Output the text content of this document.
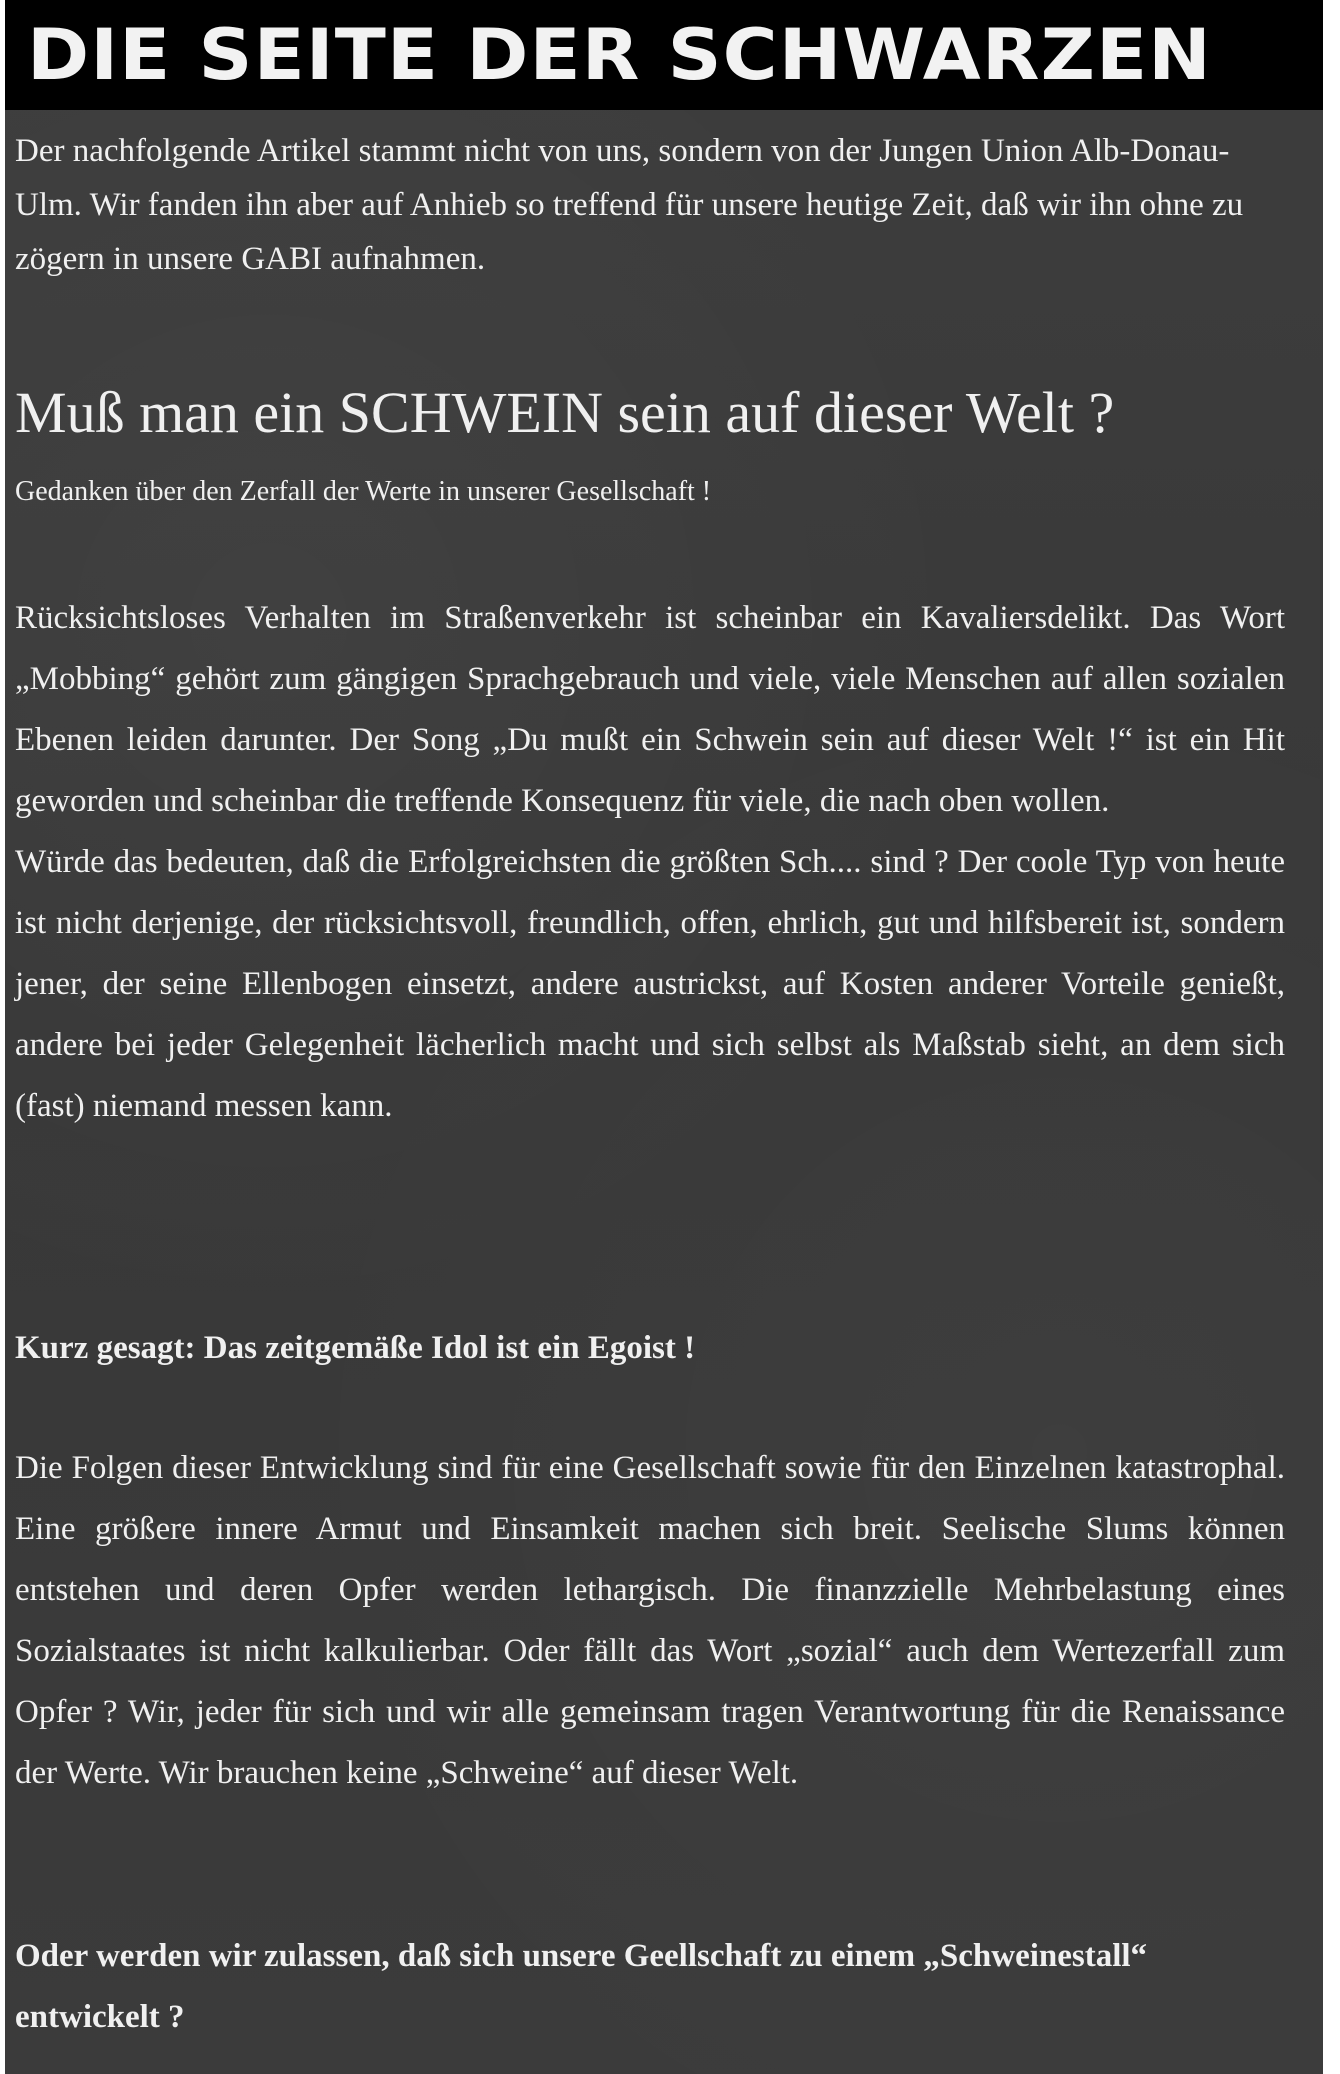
DIE SEITE DER SCHWARZEN

Der nachfolgende Artikel stammt nicht von uns, sondern von der Jungen Union Alb-Donau-Ulm. Wir fanden ihn aber auf Anhieb so treffend für unsere heutige Zeit, daß wir ihn ohne zu zögern in unsere GABI aufnahmen.

Muß man ein SCHWEIN sein auf dieser Welt ?

Gedanken über den Zerfall der Werte in unserer Gesellschaft !

Rücksichtsloses Verhalten im Straßenverkehr ist scheinbar ein Kavaliersdelikt. Das Wort „Mobbing“ gehört zum gängigen Sprachgebrauch und viele, viele Menschen auf allen sozialen Ebenen leiden darunter. Der Song „Du mußt ein Schwein sein auf dieser Welt !“ ist ein Hit geworden und scheinbar die treffende Konsequenz für viele, die nach oben wollen.

Würde das bedeuten, daß die Erfolgreichsten die größten Sch.... sind ? Der coole Typ von heute ist nicht derjenige, der rücksichtsvoll, freundlich, offen, ehrlich, gut und hilfsbereit ist, sondern jener, der seine Ellenbogen einsetzt, andere austrickst, auf Kosten anderer Vorteile genießt, andere bei jeder Gelegenheit lächerlich macht und sich selbst als Maßstab sieht, an dem sich (fast) niemand messen kann.

Kurz gesagt: Das zeitgemäße Idol ist ein Egoist !

Die Folgen dieser Entwicklung sind für eine Gesellschaft sowie für den Einzelnen katastrophal. Eine größere innere Armut und Einsamkeit machen sich breit. Seelische Slums können entstehen und deren Opfer werden lethargisch. Die finanzzielle Mehrbelastung eines Sozialstaates ist nicht kalkulierbar. Oder fällt das Wort „sozial“ auch dem Wertezerfall zum Opfer ? Wir, jeder für sich und wir alle gemeinsam tragen Verantwortung für die Renaissance der Werte. Wir brauchen keine „Schweine“ auf dieser Welt.

Oder werden wir zulassen, daß sich unsere Geellschaft zu einem „Schweinestall“ entwickelt ?
